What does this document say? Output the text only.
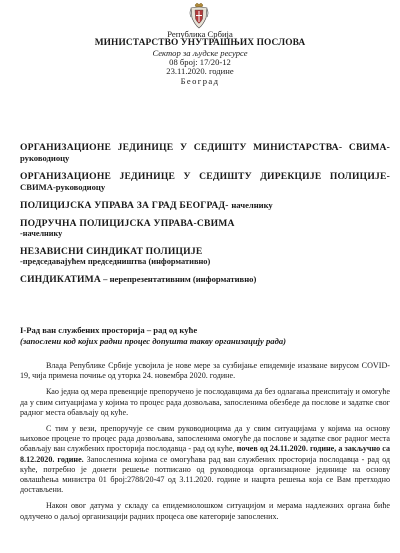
Република Србија
МИНИСТАРСТВО УНУТРАШЊИХ ПОСЛОВА
Сектор за људске ресурсе
08 број: 17/20-12
23.11.2020. године
Београд
ОРГАНИЗАЦИОНЕ ЈЕДИНИЦЕ У СЕДИШТУ МИНИСТАРСТВА- СВИМА-руководиоцу
ОРГАНИЗАЦИОНЕ ЈЕДИНИЦЕ У СЕДИШТУ ДИРЕКЦИЈЕ ПОЛИЦИЈЕ- СВИМА-руководиоцу
ПОЛИЦИЈСКА УПРАВА ЗА ГРАД БЕОГРАД- начелнику
ПОДРУЧНА ПОЛИЦИЈСКА УПРАВА-СВИМА
-начелнику
НЕЗАВИСНИ СИНДИКАТ ПОЛИЦИЈЕ
-председавајућем председништва (информативно)
СИНДИКАТИМА – нерепрезентативним (информативно)
I-Рад ван службених просторија – рад од куће
(запослени код којих радни процес допушта такву организацију рада)

Влада Републике Србије усвојила је нове мере за сузбијање епидемије изазване вирусом COVID-19, чија примена почиње од уторка 24. новембра 2020. године.

Као једна од мера превенције препоручено је послодавцима да без одлагања преиспитају и омогуће да у свим ситуацијама у којима то процес рада дозвољава, запосленима обезбеде да послове и задатке свог радног места обављају од куће.

С тим у вези, препоручује се свим руководиоцима да у свим ситуацијама у којима на основу њиховое процене то процес рада дозвољава, запосленима омогуће да послове и задатке свог радног места обављају ван службених просторија послодавца - рад од куће, почев од 24.11.2020. године, а закључно са 8.12.2020. године. Запосленима којима се омогућава рад ван службених просторија послодавца - рад од куће, потребно је донети решење потписано од руководиоца организационе јединице на основу овлашћења министра 01 број:2788/20-47 од 3.11.2020. године и нацрта решења која се Вам претходно достављени.

Након овог датума у складу са епидемиолошком ситуацијом и мерама надлежних органа биће одлучено о даљој организацији радних процеса ове категорије запослених.
